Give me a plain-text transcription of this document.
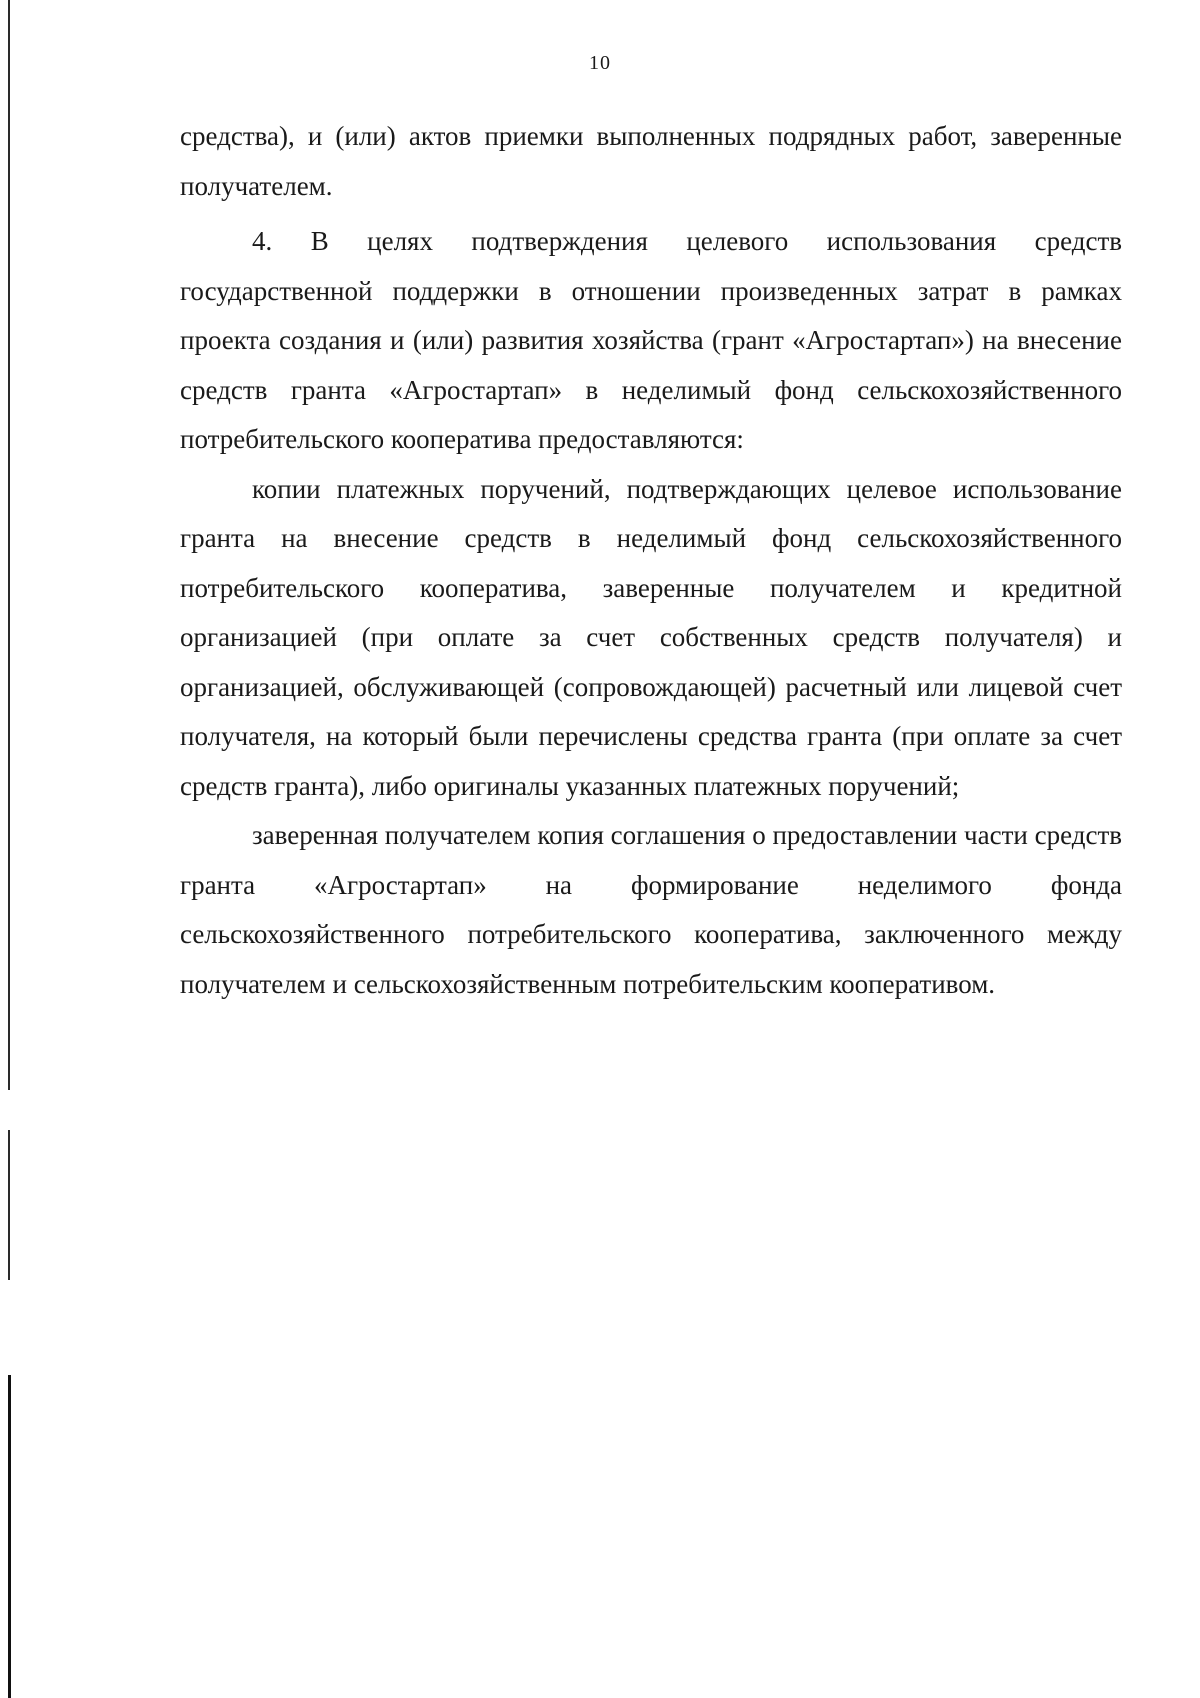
10

средства), и (или) актов приемки выполненных подрядных работ, заверенные получателем.

4. В целях подтверждения целевого использования средств государственной поддержки в отношении произведенных затрат в рамках проекта создания и (или) развития хозяйства (грант «Агростартап») на внесение средств гранта «Агростартап» в неделимый фонд сельскохозяйственного потребительского кооператива предоставляются:

копии платежных поручений, подтверждающих целевое использование гранта на внесение средств в неделимый фонд сельскохозяйственного потребительского кооператива, заверенные получателем и кредитной организацией (при оплате за счет собственных средств получателя) и организацией, обслуживающей (сопровождающей) расчетный или лицевой счет получателя, на который были перечислены средства гранта (при оплате за счет средств гранта), либо оригиналы указанных платежных поручений;

заверенная получателем копия соглашения о предоставлении части средств гранта «Агростартап» на формирование неделимого фонда сельскохозяйственного потребительского кооператива, заключенного между получателем и сельскохозяйственным потребительским кооперативом.
